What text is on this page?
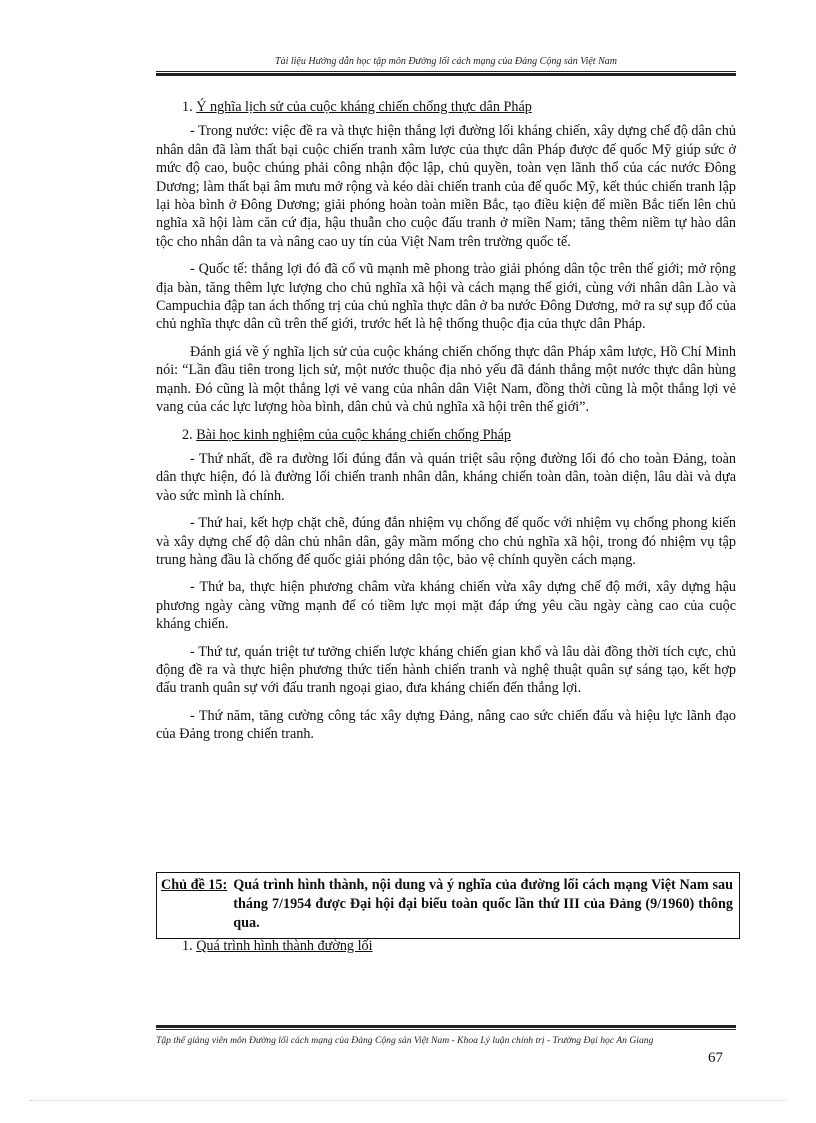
Tài liệu Hướng dẫn học tập môn Đường lối cách mạng của Đảng Cộng sản Việt Nam

1. Ý nghĩa lịch sử của cuộc kháng chiến chống thực dân Pháp

- Trong nước: việc đề ra và thực hiện thắng lợi đường lối kháng chiến, xây dựng chế độ dân chủ nhân dân đã làm thất bại cuộc chiến tranh xâm lược của thực dân Pháp được đế quốc Mỹ giúp sức ở mức độ cao, buộc chúng phải công nhận độc lập, chủ quyền, toàn vẹn lãnh thổ của các nước Đông Dương; làm thất bại âm mưu mở rộng và kéo dài chiến tranh của đế quốc Mỹ, kết thúc chiến tranh lập lại hòa bình ở Đông Dương; giải phóng hoàn toàn miền Bắc, tạo điều kiện để miền Bắc tiến lên chủ nghĩa xã hội làm căn cứ địa, hậu thuẫn cho cuộc đấu tranh ở miền Nam; tăng thêm niềm tự hào dân tộc cho nhân dân ta và nâng cao uy tín của Việt Nam trên trường quốc tế.

- Quốc tế: thắng lợi đó đã cổ vũ mạnh mẽ phong trào giải phóng dân tộc trên thế giới; mở rộng địa bàn, tăng thêm lực lượng cho chủ nghĩa xã hội và cách mạng thế giới, cùng với nhân dân Lào và Campuchia đập tan ách thống trị của chủ nghĩa thực dân ở ba nước Đông Dương, mở ra sự sụp đổ của chủ nghĩa thực dân cũ trên thế giới, trước hết là hệ thống thuộc địa của thực dân Pháp.

Đánh giá về ý nghĩa lịch sử của cuộc kháng chiến chống thực dân Pháp xâm lược, Hồ Chí Minh nói: “Lần đầu tiên trong lịch sử, một nước thuộc địa nhỏ yếu đã đánh thắng một nước thực dân hùng mạnh. Đó cũng là một thắng lợi vẻ vang của nhân dân Việt Nam, đồng thời cũng là một thắng lợi vẻ vang của các lực lượng hòa bình, dân chủ và chủ nghĩa xã hội trên thế giới”.

2. Bài học kinh nghiệm của cuộc kháng chiến chống Pháp

- Thứ nhất, đề ra đường lối đúng đắn và quán triệt sâu rộng đường lối đó cho toàn Đảng, toàn dân thực hiện, đó là đường lối chiến tranh nhân dân, kháng chiến toàn dân, toàn diện, lâu dài và dựa vào sức mình là chính.

- Thứ hai, kết hợp chặt chẽ, đúng đắn nhiệm vụ chống đế quốc với nhiệm vụ chống phong kiến và xây dựng chế độ dân chủ nhân dân, gây mầm mống cho chủ nghĩa xã hội, trong đó nhiệm vụ tập trung hàng đầu là chống đế quốc giải phóng dân tộc, bảo vệ chính quyền cách mạng.

- Thứ ba, thực hiện phương châm vừa kháng chiến vừa xây dựng chế độ mới, xây dựng hậu phương ngày càng vững mạnh để có tiềm lực mọi mặt đáp ứng yêu cầu ngày càng cao của cuộc kháng chiến.

- Thứ tư, quán triệt tư tưởng chiến lược kháng chiến gian khổ và lâu dài đồng thời tích cực, chủ động đề ra và thực hiện phương thức tiến hành chiến tranh và nghệ thuật quân sự sáng tạo, kết hợp đấu tranh quân sự với đấu tranh ngoại giao, đưa kháng chiến đến thắng lợi.

- Thứ năm, tăng cường công tác xây dựng Đảng, nâng cao sức chiến đấu và hiệu lực lãnh đạo của Đảng trong chiến tranh.

Chủ đề 15: Quá trình hình thành, nội dung và ý nghĩa của đường lối cách mạng Việt Nam sau tháng 7/1954 được Đại hội đại biểu toàn quốc lần thứ III của Đảng (9/1960) thông qua.
1. Quá trình hình thành đường lối
Tập thể giảng viên môn Đường lối cách mạng của Đảng Cộng sản Việt Nam - Khoa Lý luận chính trị - Trường Đại học An Giang
67
